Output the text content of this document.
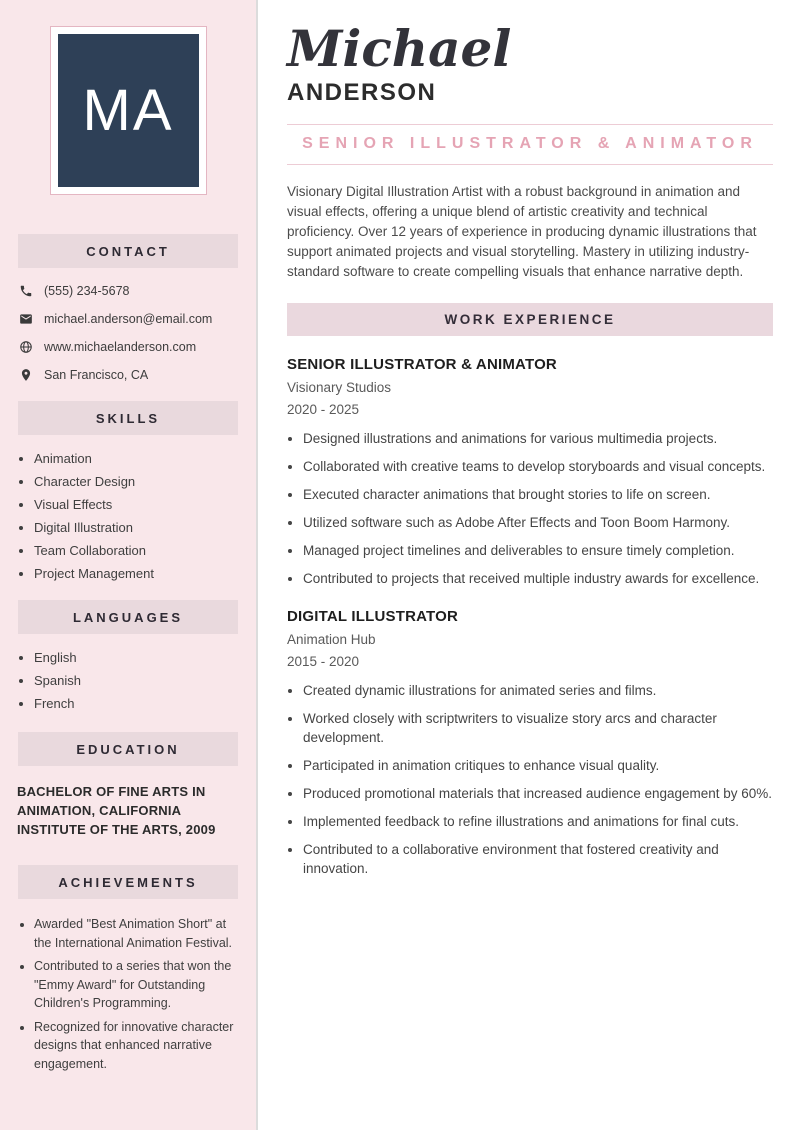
MA
CONTACT
(555) 234-5678
michael.anderson@email.com
www.michaelanderson.com
San Francisco, CA
SKILLS
• Animation
• Character Design
• Visual Effects
• Digital Illustration
• Team Collaboration
• Project Management
LANGUAGES
• English
• Spanish
• French
EDUCATION
BACHELOR OF FINE ARTS IN ANIMATION, CALIFORNIA INSTITUTE OF THE ARTS, 2009
ACHIEVEMENTS
• Awarded "Best Animation Short" at the International Animation Festival.
• Contributed to a series that won the "Emmy Award" for Outstanding Children's Programming.
• Recognized for innovative character designs that enhanced narrative engagement.
Michael
ANDERSON
SENIOR ILLUSTRATOR & ANIMATOR

Visionary Digital Illustration Artist with a robust background in animation and visual effects, offering a unique blend of artistic creativity and technical proficiency. Over 12 years of experience in producing dynamic illustrations that support animated projects and visual storytelling. Mastery in utilizing industry-standard software to create compelling visuals that enhance narrative depth.

WORK EXPERIENCE
SENIOR ILLUSTRATOR & ANIMATOR
Visionary Studios
2020 - 2025
• Designed illustrations and animations for various multimedia projects.
• Collaborated with creative teams to develop storyboards and visual concepts.
• Executed character animations that brought stories to life on screen.
• Utilized software such as Adobe After Effects and Toon Boom Harmony.
• Managed project timelines and deliverables to ensure timely completion.
• Contributed to projects that received multiple industry awards for excellence.
DIGITAL ILLUSTRATOR
Animation Hub
2015 - 2020
• Created dynamic illustrations for animated series and films.
• Worked closely with scriptwriters to visualize story arcs and character development.
• Participated in animation critiques to enhance visual quality.
• Produced promotional materials that increased audience engagement by 60%.
• Implemented feedback to refine illustrations and animations for final cuts.
• Contributed to a collaborative environment that fostered creativity and innovation.
